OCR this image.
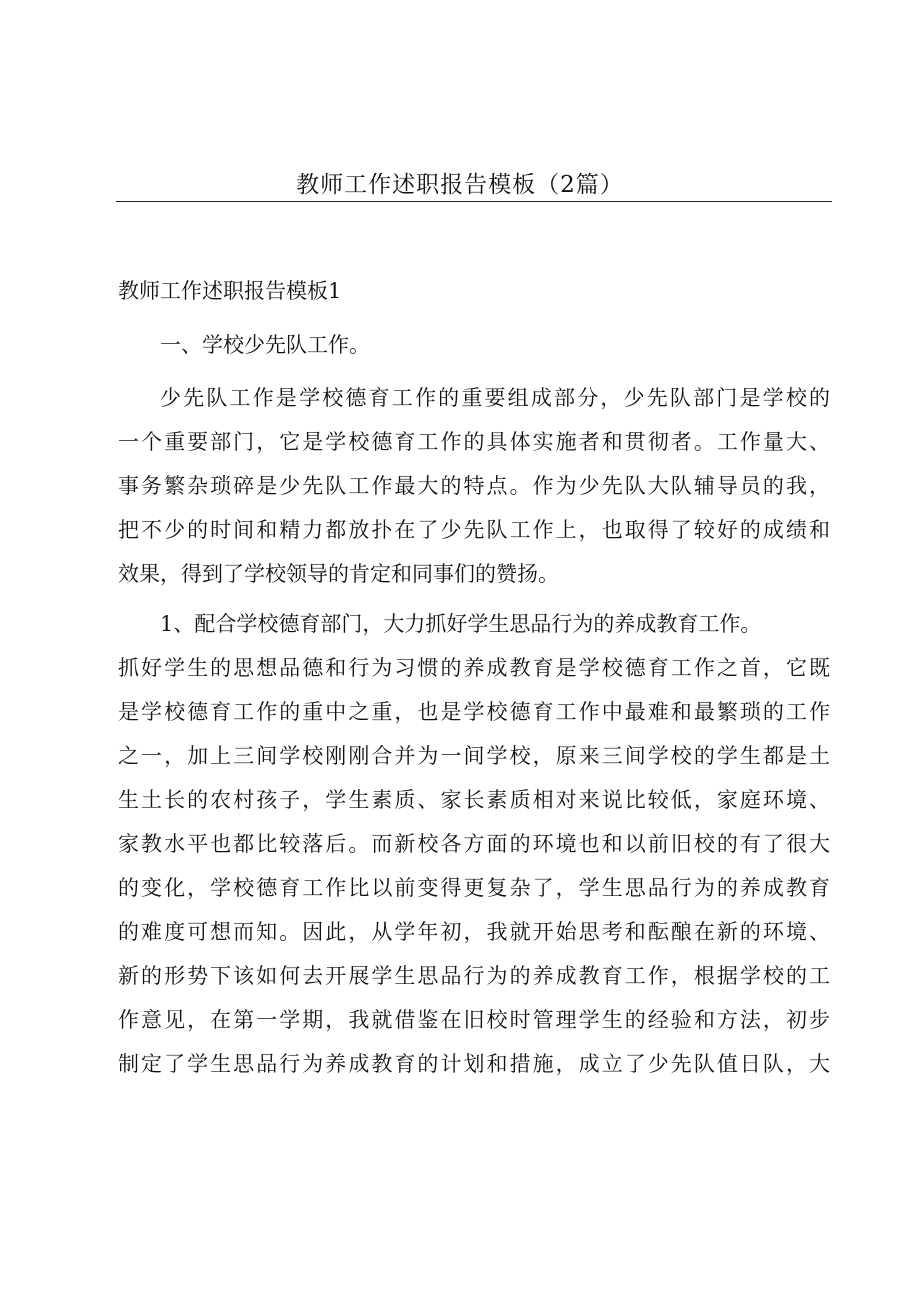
教师工作述职报告模板（2篇）
教师工作述职报告模板1
一、学校少先队工作。
少先队工作是学校德育工作的重要组成部分，少先队部门是学校的
一个重要部门，它是学校德育工作的具体实施者和贯彻者。工作量大、
事务繁杂琐碎是少先队工作最大的特点。作为少先队大队辅导员的我，
把不少的时间和精力都放扑在了少先队工作上，也取得了较好的成绩和
效果，得到了学校领导的肯定和同事们的赞扬。
1、配合学校德育部门，大力抓好学生思品行为的养成教育工作。
抓好学生的思想品德和行为习惯的养成教育是学校德育工作之首，它既
是学校德育工作的重中之重，也是学校德育工作中最难和最繁琐的工作
之一，加上三间学校刚刚合并为一间学校，原来三间学校的学生都是土
生土长的农村孩子，学生素质、家长素质相对来说比较低，家庭环境、
家教水平也都比较落后。而新校各方面的环境也和以前旧校的有了很大
的变化，学校德育工作比以前变得更复杂了，学生思品行为的养成教育
的难度可想而知。因此，从学年初，我就开始思考和酝酿在新的环境、
新的形势下该如何去开展学生思品行为的养成教育工作，根据学校的工
作意见，在第一学期，我就借鉴在旧校时管理学生的经验和方法，初步
制定了学生思品行为养成教育的计划和措施，成立了少先队值日队，大
